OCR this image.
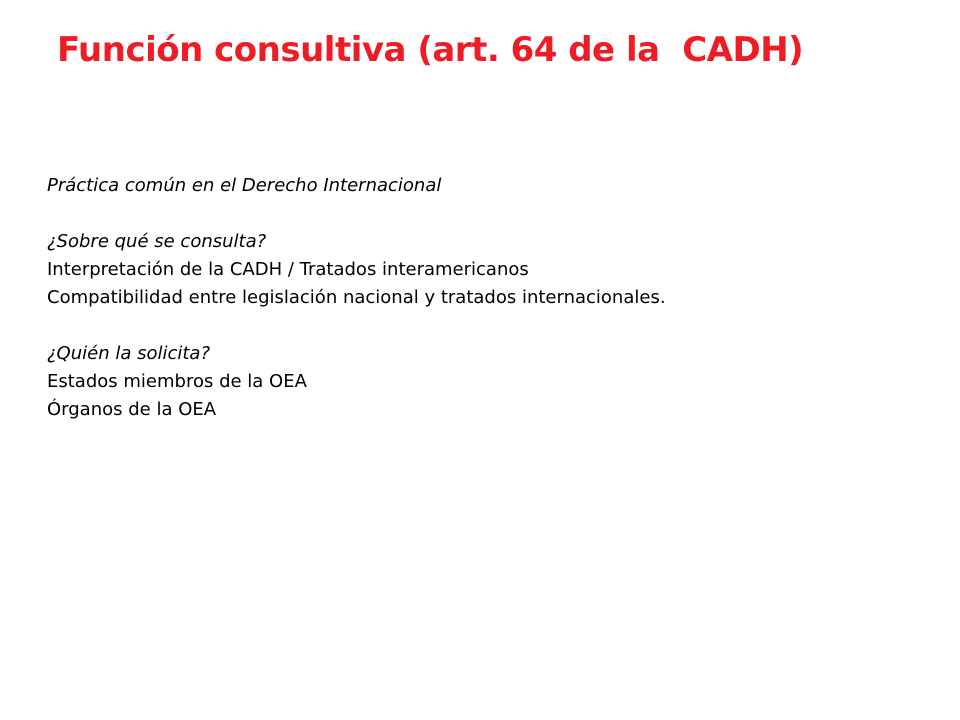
Función consultiva (art. 64 de la  CADH)
Práctica común en el Derecho Internacional
¿Sobre qué se consulta?
Interpretación de la CADH / Tratados interamericanos
Compatibilidad entre legislación nacional y tratados internacionales.
¿Quién la solicita?
Estados miembros de la OEA
Órganos de la OEA
